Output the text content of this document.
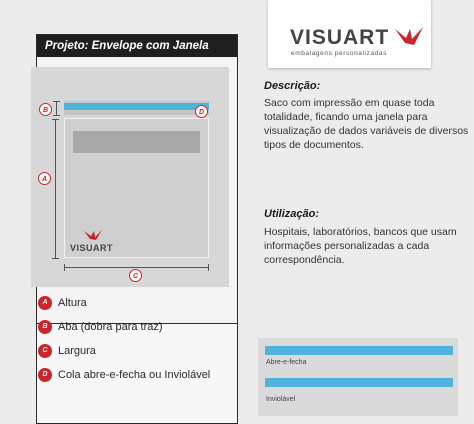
Projeto: Envelope com Janela
VISUART
B	D
A
C
A Altura
B Aba (dobra para traz)
C Largura
D Cola abre-e-fecha ou Inviolável
VISUART
embalagens personalizadas
Descrição:
Saco com impressão em quase toda totalidade, ficando uma janela para visualização de dados variáveis de diversos tipos de documentos.
Utilização:
Hospitais, laboratórios, bancos que usam informações personalizadas a cada correspondência.
Abre-e-fecha
Inviolável
